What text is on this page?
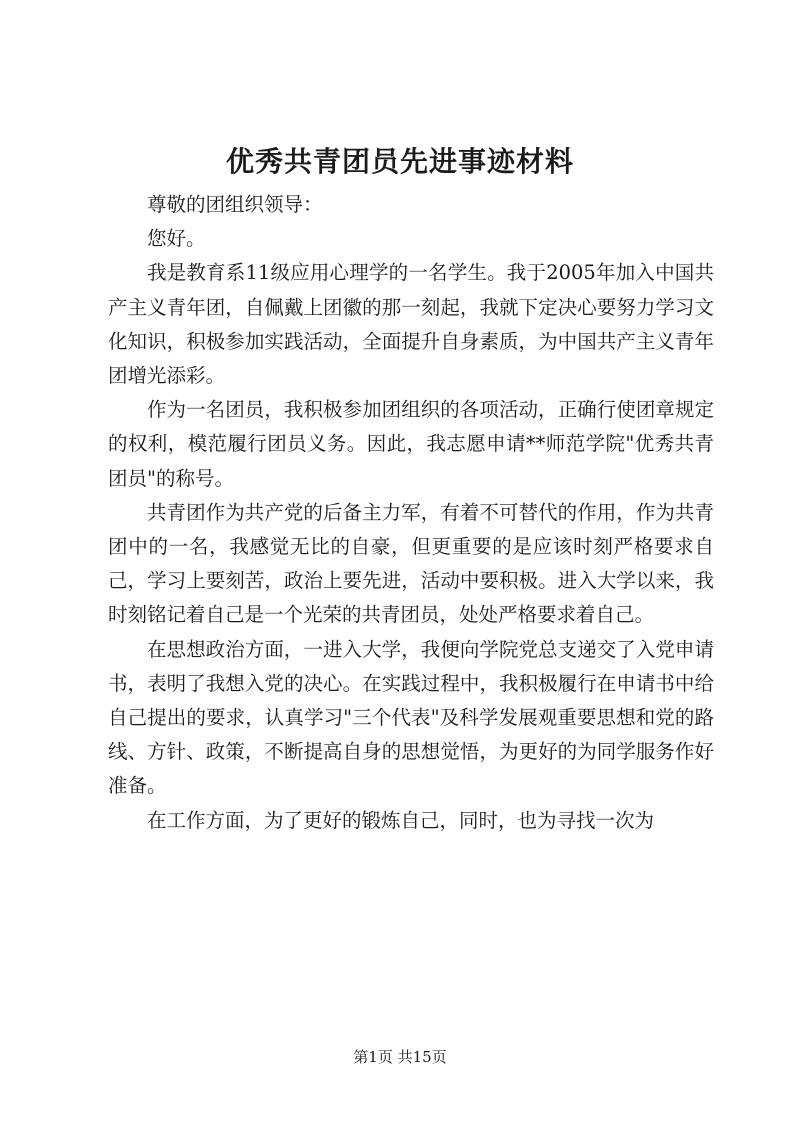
优秀共青团员先进事迹材料

尊敬的团组织领导：

您好。

我是教育系11级应用心理学的一名学生。我于2005年加入中国共产主义青年团，自佩戴上团徽的那一刻起，我就下定决心要努力学习文化知识，积极参加实践活动，全面提升自身素质，为中国共产主义青年团增光添彩。

作为一名团员，我积极参加团组织的各项活动，正确行使团章规定的权利，模范履行团员义务。因此，我志愿申请**师范学院"优秀共青团员"的称号。

共青团作为共产党的后备主力军，有着不可替代的作用，作为共青团中的一名，我感觉无比的自豪，但更重要的是应该时刻严格要求自己，学习上要刻苦，政治上要先进，活动中要积极。进入大学以来，我时刻铭记着自己是一个光荣的共青团员，处处严格要求着自己。

在思想政治方面，一进入大学，我便向学院党总支递交了入党申请书，表明了我想入党的决心。在实践过程中，我积极履行在申请书中给自己提出的要求，认真学习"三个代表"及科学发展观重要思想和党的路线、方针、政策，不断提高自身的思想觉悟，为更好的为同学服务作好准备。

在工作方面，为了更好的锻炼自己，同时，也为寻找一次为

第1页 共15页
